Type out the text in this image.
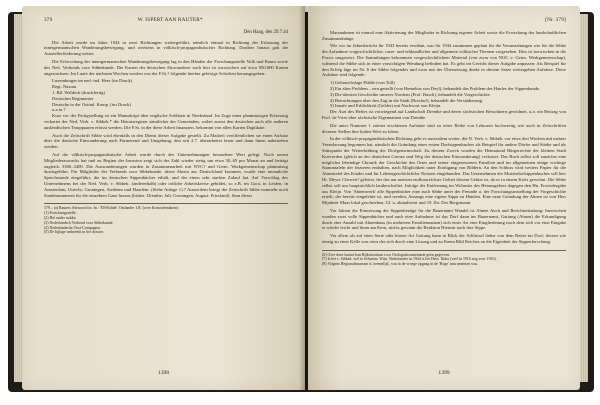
379	W. ISPERT AAN RAUTER*
Den Haag, den 29.7.44

Die Arbeit wurde im Jahre 1944 in zwei Richtungen weitergeführt, nämlich einmal in Richtung der Erfassung der innergermanischen Wanderungsbewegung, und zweitens in völkisch-propagandistischer Richtung. Darüber hinaus galt die Ausstellerförderung weiter.

Die Erforschung der innergermanischen Wanderungsbewegung lag in den Händen der Forschungsstelle Volk und Raum sowie des Ned. Verbonds voor Sibbekunde. Die Karten der deutschen Einwanderer nach hier ist inzwischen auf etwa 950.000 Karten angewachsen. Im Laufe der nächsten Wochen werden von der F.St.? folgende hierher gehörige Schriften herausgegeben:

Luxemburger im ned.-ind. Heer (im Druck)

Regt. Nassau

1. Bil. Waldeck (druckfertig)

Deutsches Regimenter

Deutsche in der Ostind. Komp. (im Druck)

u.a.m.?

Kurz vor der Fertigstellung ist ein Manuskript über englische Soldaten in Niederland. Im Zuge einer planmässigen Erfassung verkartet der Ned. Verb. v. Sibbek.* die Heiratsregister sämtlicher der Gemeinden, wobei zuerst den deutschen auch alle anderen ausländischen Trauppaaren erfasst werden. Die F.St. in der diese Arbeit finanziert, bekommt von allen Karten Duplikate.

Auch die Zeitschrift Sibbe wird ebenfalls in den Dienst dieser Aufgabe gestellt. Zu Maiheft veröffentlichen sie einen Aufsatz über die deutsche Einwanderung nach Purmerend und Umgebung, den seit 2.7. überarbeitet lesen und dann ihnen nahestehen werden.

Auf die völkisch-propagandistische Arbeit wurde durch des Unternehmungen besonderer Wert gelegt. Noch neuen Mitgliederzuwachs hat und zu Beginn der Invasion zeigt sich der Zahl wieder stetig um etwa 30–40 pro Monat an und beträgt zugleich 3300–3400. Die Auswanderungen wurden in Zusammenarbeit mit NVC? und Germ. Werkgemeinschap planmässig durchgeführt. Für Mitglieder der Verbonds voor Sibbekunde, deren Ahnen aus Deutschland kommen, wurde eine monatliche Sprechstunde eingeführt, die im deutschen Sippenbücher erhält, und der einen sehr starken Zulauf hat. Auf Vorschlag des Unternehmens bei der Ned. Verb. v. Sibbek. (andererhalb) oder örtliche Arbeitskreise gebildet, so z.B. im Gooi, in Leiden, in Amsterdam, Utrecht, Groningen, Arnheim und Haarlem. (Siehe Anlage 1).? Ausserdem bringt die Zeitschrift Sibbe nunmehr noch Sondernummern für die einzelnen Gaue heraus (bisher: Drenthe; Juli: Groningen; August: Friesland). Sinn dieser

379 – (a) Rauters Antwoord in: In.: 'Ell-Rohde'. Ostlander 1.R. [over Kontrolentakien]
(1) Forschungsstelle.
(2) Het onder nokke.
(3) Nederlandsch Verbond voor Sibbekunde.
(4) Nederlandsche Oost-Compagnie.
(5) De bijlage ontbreekt in het dossier.
1398
[Nr. 379]

Massnahmen ist einmal eine Aktivierung der Mitglieder in Richtung eigener Arbeit sowie die Erweckung des landschaftlichen Zusammenhänge.

Wie wir im Jahresbericht für 1943 bereits erwähnt, war für 1944 zusammen geplant für die Veranstaltungen wie für die Sibbe die Aufnahme vorgeschichtlicher, rasse- und erbkundlicher und allgemein völkischer Themen vorgesehen. Dies ist inzwischen in die Praxis umgesetzt. Die Sammlungen bekommen vorgeschichtlichem Material (von zwar von NOC v. Germ. Werkgemeenschap), während die Sibbe sich in einer vorsichtigen Wendung befinden hat. Es geht im Gezicht dieser Aufgabe anpassen: Als Beispiel für den Erfolg läge im Nr. 6 der Sibbe folgendes und zwar mit der Übersetzung direkt in diesem Satze weitergeben Aufsätze. Diese Aufsätze sind folgende:

1) Gebrauchslage Pfähle (von Toll)

2) Ein altes Problem – neu gestellt (von Hemelius von Deyl), behandelt das Problem des Hanfes der Sippenkunde.

3) Die ältesten Geschichte unseres Nordens (Prof. Busch), behandelt die Vorgeschichte.

4) Betrachtungen über den Zug in die Stadt (Botchof), behandelt die Verstädterung.

5) Innafe und Erblichkeit (Gelder) mit Nachwort von Kleijn.

Der Ärzt des Heftes ist vorwiegend auf Landschaft Drenthe und deren sächsischen Bewohnern gewidmet, u.a. ein Beitrag von Prof. de Vries über sächsische Eigennamen von Drenthe.

Die unter Nummer 1 zuletzt erschienen Aufsätze sind zu einer Reihe von Lektoren hochwertig wie auch in Zeitschriften diverser Stellen ihre hohen Wert zu loben.

In der völkisch-propagandistischen Richtung geht es ausserdem weiter, die N. Verb. v. Sibbek. vor etwa drei Wochen mit meiner Veranlassung begonnen hat, nämlich die Gründung eines ersten Dorfsippenbuches als Beispiel für andere Dörfer und Städte und als Stützpunkt der Weiterbildung der Dorfgemeinschaft. Zu diesem Zweck wurden die Heimatund Bürgerrechte der kleinen Stadt Koevorden (gleich an der deutschen Grenze und Weg der deutschen Einwanderung) verkartet. Das Buch selbst soll zunächst eine möglichst lebendige Chronik der Geschichte des Ortes und seiner eingesessenen Familien und im allgemeinen einige wichtige Stammtafeln der letzteren enthalten, nach Möglichkeit unter Einfügung von Bildern. An den Schluss wird weiters Papier für die Ahnentafel des Kindes und für Lebensgeschichtliche Notizen eingebunden. Das Unternehmen der Musterdorfsippenbuches soll hier Hr. Meyer Chewen? geleitet, der das am meisten einflussreichste Gebiet diesem Gebiet ist, da es in einem Kreis gewohnt. Die Sibbe selbst soll nur hauptsächlich lautbeschriftet. Infolge der Entfernung im Wohnsitz des Herausgebers dagegen den Hn. Erwiedergabe aus Kleijn. Von 'Ahnenwerk' alle Sippenbücher eine auch Sibbe unter der Freunde u. der Forschungsanstellung der Vorgeschichte erteilt, der bereits eingeleitet ist, und werden, Ansangs eine eigene Sippe zu Händen. Eine neue Gründung der Ahnen ist von Herr Mijnheer Maas lokal geschrieben, Gl. u. aktualisiert und 19. Jhr. Der Bergsmann.

Vor Jahren die Einweisung der Sippenbezüge für die Bauernamt Wandel ist Ahnen Auch und Berichterstattung: Inzwischen wurden zwei volle Sippenbücher und auch eine Aufnahme ist das Dorf dann ins Bauernamt, Gattung (Ahnen) die Erkundigung durch eine Anzahl mit Ahnenhaus (in mehreren Familiennamen) sich einer Art eine Eingliederung nach dem sich vor eine Eingabe er wieder leicht und ihren am Kern, nichts gewinnt die Reaktion Hiermit nach ihre Sippe.

Vor allem als auf einer Serie oder kürzer Art Gattung kann in Blick der Schlüssel lieber von dem Reiter im Dorf, dessen wie einzig zu einer Kelle was etwa der sich durch eine Lösung und zu Ihrem Bild Reiches an die Eigenheit der Sippenforschung.

(6) Over deze laatste kan Rijksinstituut voor Oorlogsdocumentatie geen gegevens.
(7) Is het v. Sibbek. wel te Schutten, Wijn. Nederlander in 1944 is het Hess. Ilidor (veel in 1916 nog voor 1916).
(8) Volgens Regionalmuseum is 'zeemelijk', wat in de vroege opgang in de 'Hoge' instrumenten was.
1399
